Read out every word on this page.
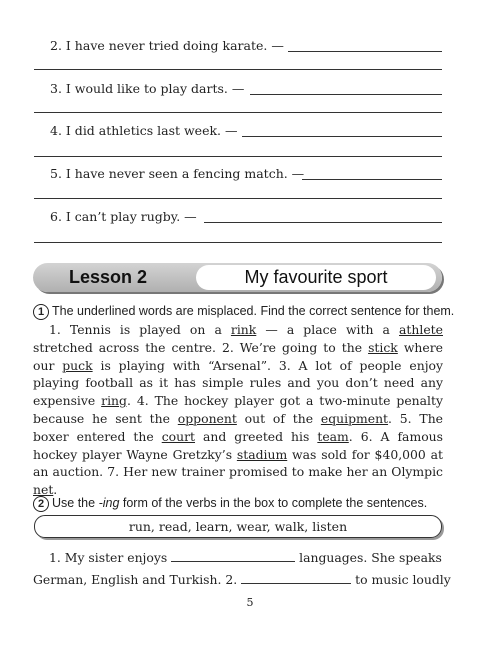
2. I have never tried doing karate. —
3. I would like to play darts. —
4. I did athletics last week. —
5. I have never seen a fencing match. —
6. I can’t play rugby. —
Lesson 2	My favourite sport
1 The underlined words are misplaced. Find the correct sentence for them.
1. Tennis is played on a rink — a place with a athlete stretched across the centre. 2. We’re going to the stick where our puck is playing with “Arsenal”. 3. A lot of people enjoy playing football as it has simple rules and you don’t need any expensive ring. 4. The hockey player got a two-minute penalty because he sent the opponent out of the equipment. 5. The boxer entered the court and greeted his team. 6. A famous hockey player Wayne Gretzky’s stadium was sold for $40,000 at an auction. 7. Her new trainer promised to make her an Olympic net.
2 Use the -ing form of the verbs in the box to complete the sentences.
run, read, learn, wear, walk, listen
1. My sister enjoys	languages. She speaks
German, English and Turkish. 2.	to music loudly
5
